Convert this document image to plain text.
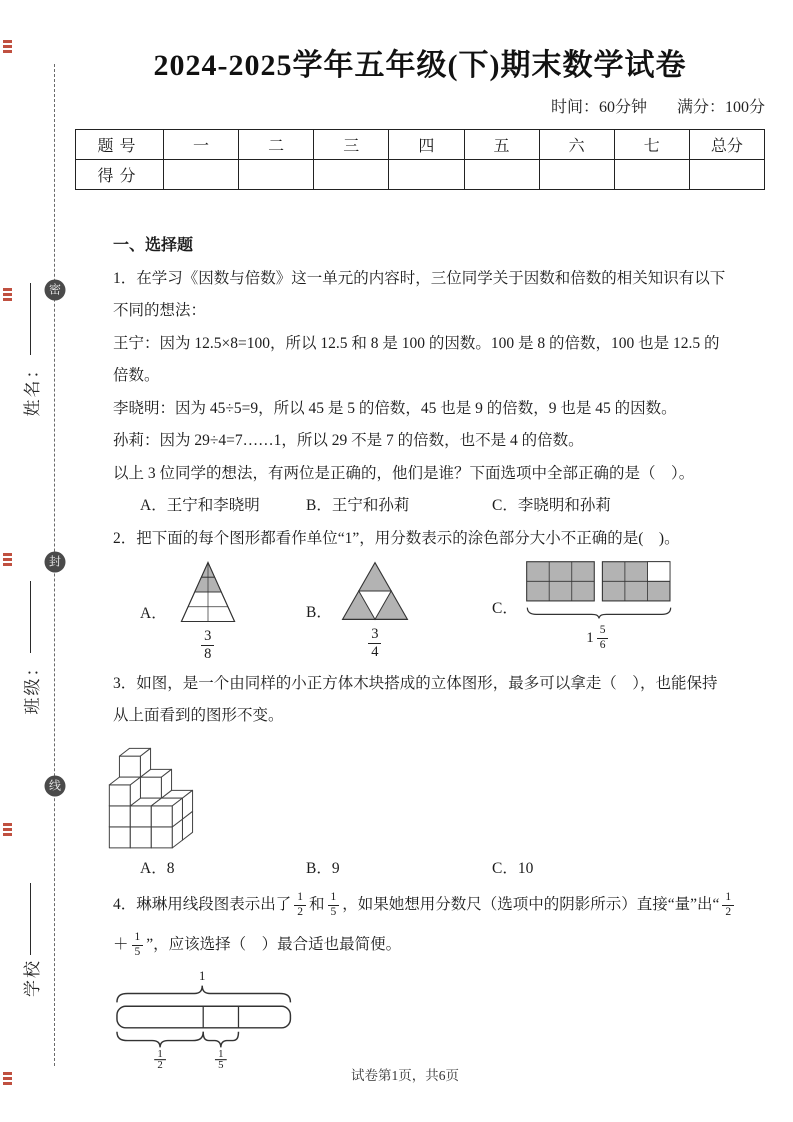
密
封
线
姓名：
班级：
学校
2024-2025学年五年级(下)期末数学试卷
时间：60分钟 满分：100分
题号	一	二	三	四	五	六	七	总分
得分								
一、选择题
1．在学习《因数与倍数》这一单元的内容时，三位同学关于因数和倍数的相关知识有以下
不同的想法：
王宁：因为 12.5×8=100，所以 12.5 和 8 是 100 的因数。100 是 8 的倍数，100 也是 12.5 的
倍数。
李晓明：因为 45÷5=9，所以 45 是 5 的倍数，45 也是 9 的倍数，9 也是 45 的因数。
孙莉：因为 29÷4=7……1，所以 29 不是 7 的倍数，也不是 4 的倍数。
以上 3 位同学的想法，有两位是正确的，他们是谁？下面选项中全部正确的是（　）。
A．王宁和李晓明	B．王宁和孙莉	C．李晓明和孙莉
2．把下面的每个图形都看作单位“1”，用分数表示的涂色部分大小不正确的是(　)。
A．
$\frac{3}{8}$
B．
$\frac{3}{4}$
C．
$1 \frac{5}{6}$
3．如图，是一个由同样的小正方体木块搭成的立体图形，最多可以拿走（　），也能保持
从上面看到的图形不变。
A．8	B．9	C．10
4．琳琳用线段图表示出了 $\frac{1}{2}$ 和 $\frac{1}{5}$ ，如果她想用分数尺（选项中的阴影所示）直接“量”出“ $\frac{1}{2}$
＋ $\frac{1}{5}$ ”，应该选择（　）最合适也最简便。
1
1
2
1
5
试卷第1页，共6页
